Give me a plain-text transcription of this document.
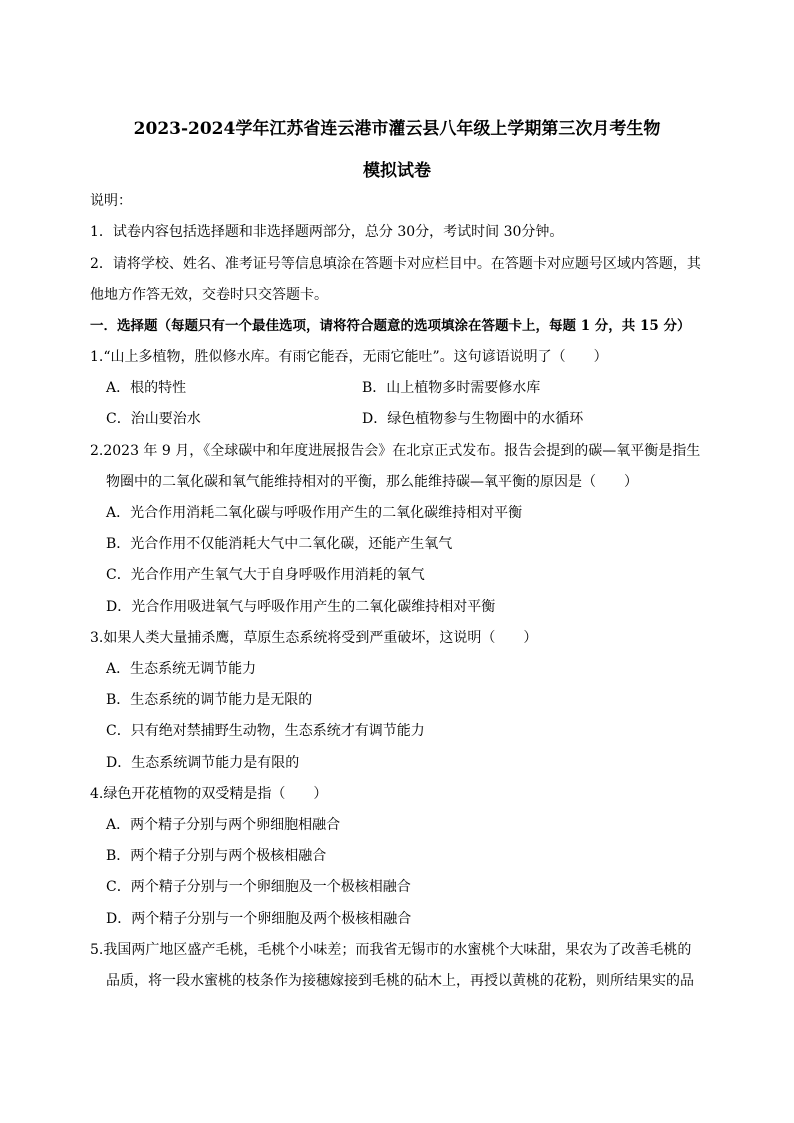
2023-2024学年江苏省连云港市灌云县八年级上学期第三次月考生物
模拟试卷
说明：
1．试卷内容包括选择题和非选择题两部分，总分 30分，考试时间 30分钟。
2．请将学校、姓名、准考证号等信息填涂在答题卡对应栏目中。在答题卡对应题号区域内答题，其
他地方作答无效，交卷时只交答题卡。
一．选择题（每题只有一个最佳选项，请将符合题意的选项填涂在答题卡上，每题 1 分，共 15 分）
1.“山上多植物，胜似修水库。有雨它能吞，无雨它能吐”。这句谚语说明了（　　）
A．根的特性	B．山上植物多时需要修水库
C．治山要治水	D．绿色植物参与生物圈中的水循环
2.2023 年 9 月，《全球碳中和年度进展报告会》在北京正式发布。报告会提到的碳—氧平衡是指生
物圈中的二氧化碳和氧气能维持相对的平衡，那么能维持碳—氧平衡的原因是（　　）
A．光合作用消耗二氧化碳与呼吸作用产生的二氧化碳维持相对平衡
B．光合作用不仅能消耗大气中二氧化碳，还能产生氧气
C．光合作用产生氧气大于自身呼吸作用消耗的氧气
D．光合作用吸进氧气与呼吸作用产生的二氧化碳维持相对平衡
3.如果人类大量捕杀鹰，草原生态系统将受到严重破坏，这说明（　　）
A．生态系统无调节能力
B．生态系统的调节能力是无限的
C．只有绝对禁捕野生动物，生态系统才有调节能力
D．生态系统调节能力是有限的
4.绿色开花植物的双受精是指（　　）
A．两个精子分别与两个卵细胞相融合
B．两个精子分别与两个极核相融合
C．两个精子分别与一个卵细胞及一个极核相融合
D．两个精子分别与一个卵细胞及两个极核相融合
5.我国两广地区盛产毛桃，毛桃个小味差；而我省无锡市的水蜜桃个大味甜，果农为了改善毛桃的
品质，将一段水蜜桃的枝条作为接穗嫁接到毛桃的砧木上，再授以黄桃的花粉，则所结果实的品
